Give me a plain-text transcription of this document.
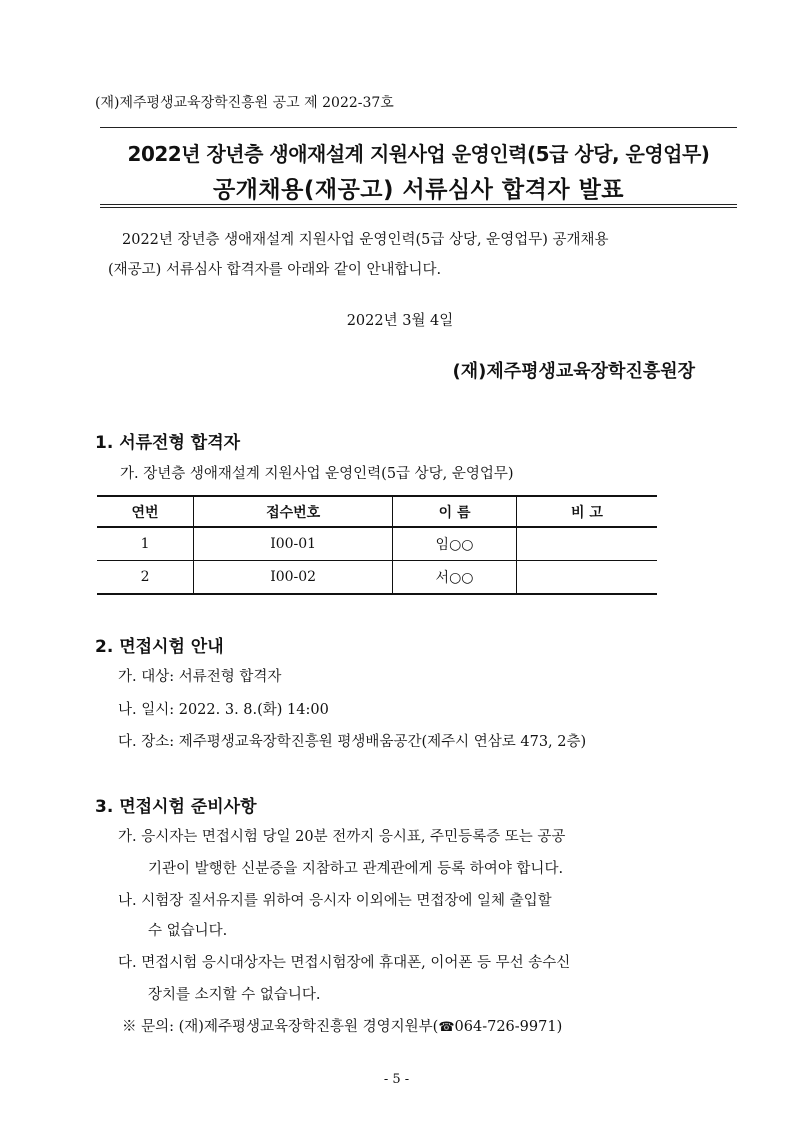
(재)제주평생교육장학진흥원 공고 제 2022-37호
2022년 장년층 생애재설계 지원사업 운영인력(5급 상당, 운영업무)
공개채용(재공고) 서류심사 합격자 발표
2022년 장년층 생애재설계 지원사업 운영인력(5급 상당, 운영업무) 공개채용
(재공고) 서류심사 합격자를 아래와 같이 안내합니다.
2022년 3월 4일
(재)제주평생교육장학진흥원장
1. 서류전형 합격자
가. 장년층 생애재설계 지원사업 운영인력(5급 상당, 운영업무)
연번	접수번호	이 름	비 고
1	I00-01	임○○	
2	I00-02	서○○	
2. 면접시험 안내
가. 대상: 서류전형 합격자
나. 일시: 2022. 3. 8.(화) 14:00
다. 장소: 제주평생교육장학진흥원 평생배움공간(제주시 연삼로 473, 2층)
3. 면접시험 준비사항
가. 응시자는 면접시험 당일 20분 전까지 응시표, 주민등록증 또는 공공
기관이 발행한 신분증을 지참하고 관계관에게 등록 하여야 합니다.
나. 시험장 질서유지를 위하여 응시자 이외에는 면접장에 일체 출입할
수 없습니다.
다. 면접시험 응시대상자는 면접시험장에 휴대폰, 이어폰 등 무선 송수신
장치를 소지할 수 없습니다.
※ 문의: (재)제주평생교육장학진흥원 경영지원부(☎064-726-9971)
- 5 -
